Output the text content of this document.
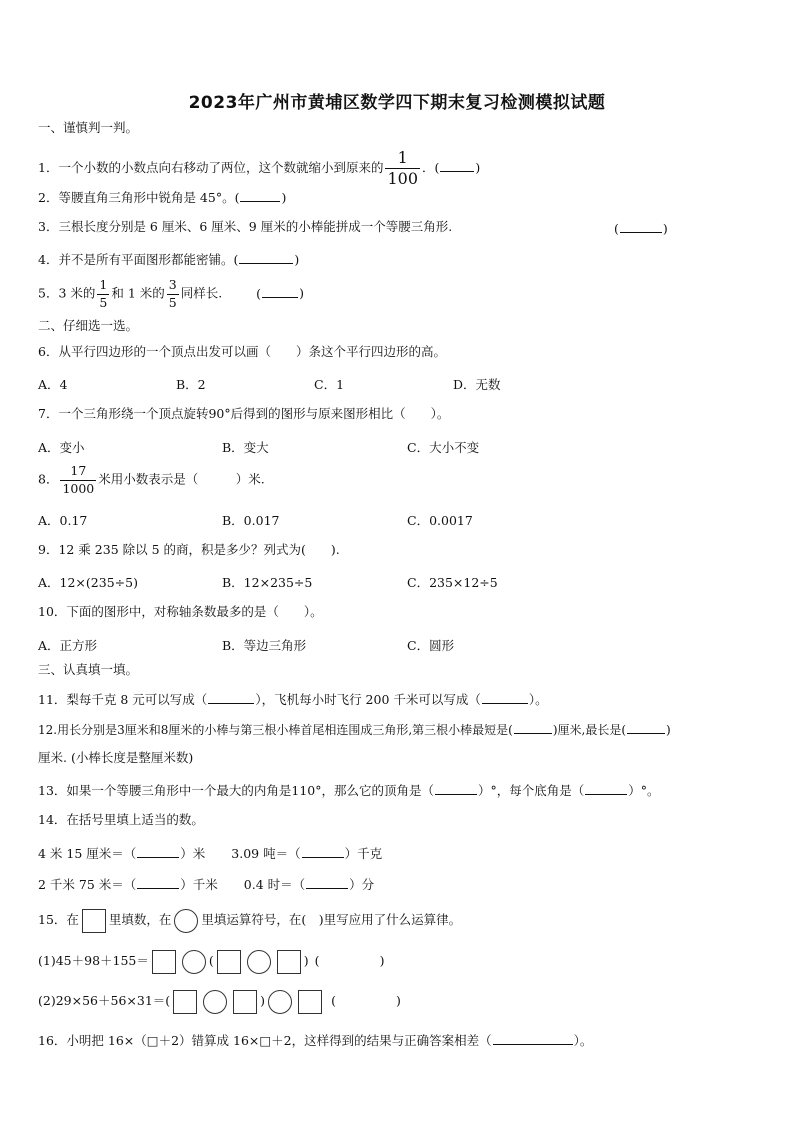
2023年广州市黄埔区数学四下期末复习检测模拟试题
一、谨慎判一判。
1．一个小数的小数点向右移动了两位，这个数就缩小到原来的 $\frac{1}{100}$ ．(	)
2．等腰直角三角形中锐角是 45°。(	)
3．三根长度分别是 6 厘米、6 厘米、9 厘米的小棒能拼成一个等腰三角形.	(	)
4．并不是所有平面图形都能密铺。(	)
5．3 米的 $\frac{1}{5}$ 和 1 米的 $\frac{3}{5}$ 同样长.	(	)
二、仔细选一选。
6．从平行四边形的一个顶点出发可以画（　　）条这个平行四边形的高。
A．4	B．2	C．1	D．无数
7．一个三角形绕一个顶点旋转90°后得到的图形与原来图形相比（　　）。
A．变小	B．变大	C．大小不变
8． $\frac{17}{1000}$ 米用小数表示是（　　　）米.
A．0.17	B．0.017	C．0.0017
9．12 乘 235 除以 5 的商，积是多少？列式为(　　).
A．12×(235÷5)	B．12×235÷5	C．235×12÷5
10．下面的图形中，对称轴条数最多的是（　　）。
A．正方形	B．等边三角形	C．圆形
三、认真填一填。
11．梨每千克 8 元可以写成（	），飞机每小时飞行 200 千米可以写成（	）。
12.用长分别是3厘米和8厘米的小棒与第三根小棒首尾相连围成三角形,第三根小棒最短是(	)厘米,最长是(	)
厘米. (小棒长度是整厘米数)
13．如果一个等腰三角形中一个最大的内角是110°，那么它的顶角是（	）°，每个底角是（	）°。
14．在括号里填上适当的数。
4 米 15 厘米＝（	）米 3.09 吨＝（	）千克
2 千米 75 米＝（	）千米 0.4 时＝（	）分
15．在 里填数，在 里填运算符号，在(　)里写应用了什么运算律。
(1)45＋98＋155＝	(	) (	)
(2)29×56＋56×31＝(	)	(	)
16．小明把 16×（□＋2）错算成 16×□＋2，这样得到的结果与正确答案相差（	）。
